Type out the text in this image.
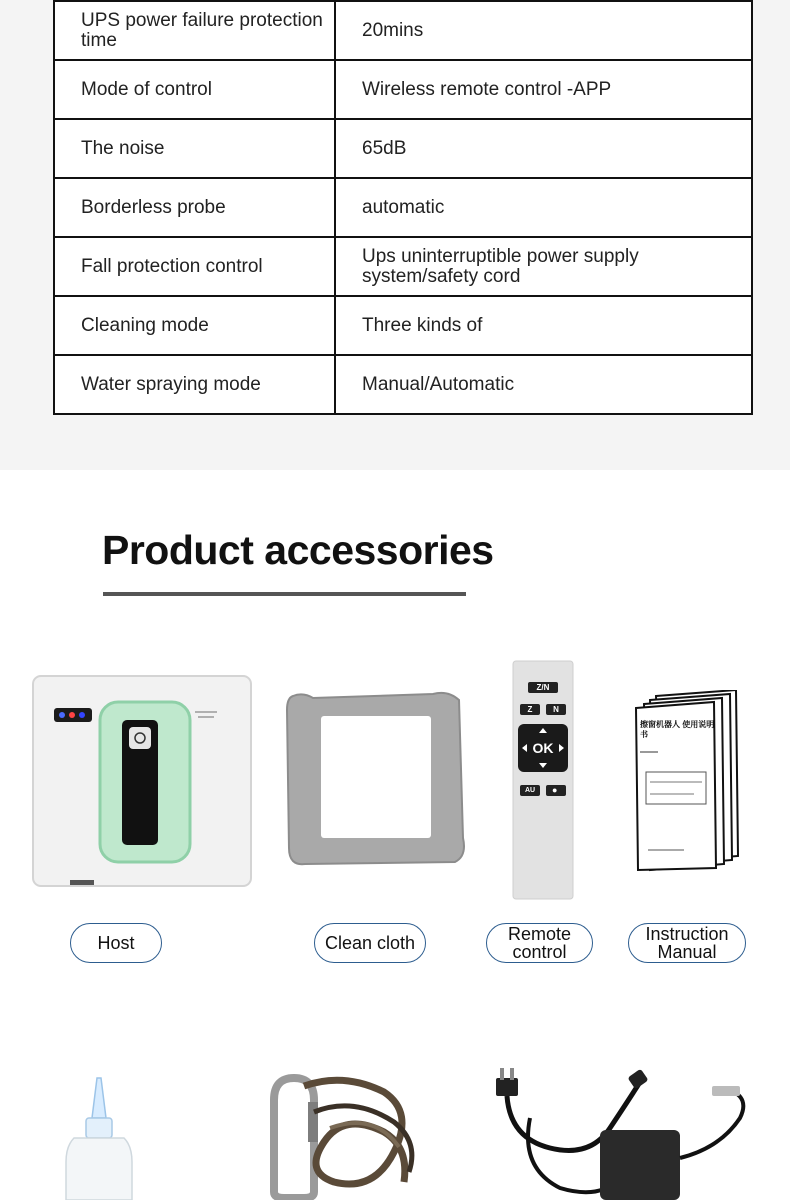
UPS power failure protection time	20mins
Mode of control	Wireless remote control -APP
The noise	65dB
Borderless probe	automatic
Fall protection control	Ups uninterruptible power supply system/safety cord
Cleaning mode	Three kinds of
Water spraying mode	Manual/Automatic
Product accessories
Z/N
Z	N
OK
AU	●
擦窗机器人 使用说明书
Host	Clean cloth	Remote control
Instruction Manual
